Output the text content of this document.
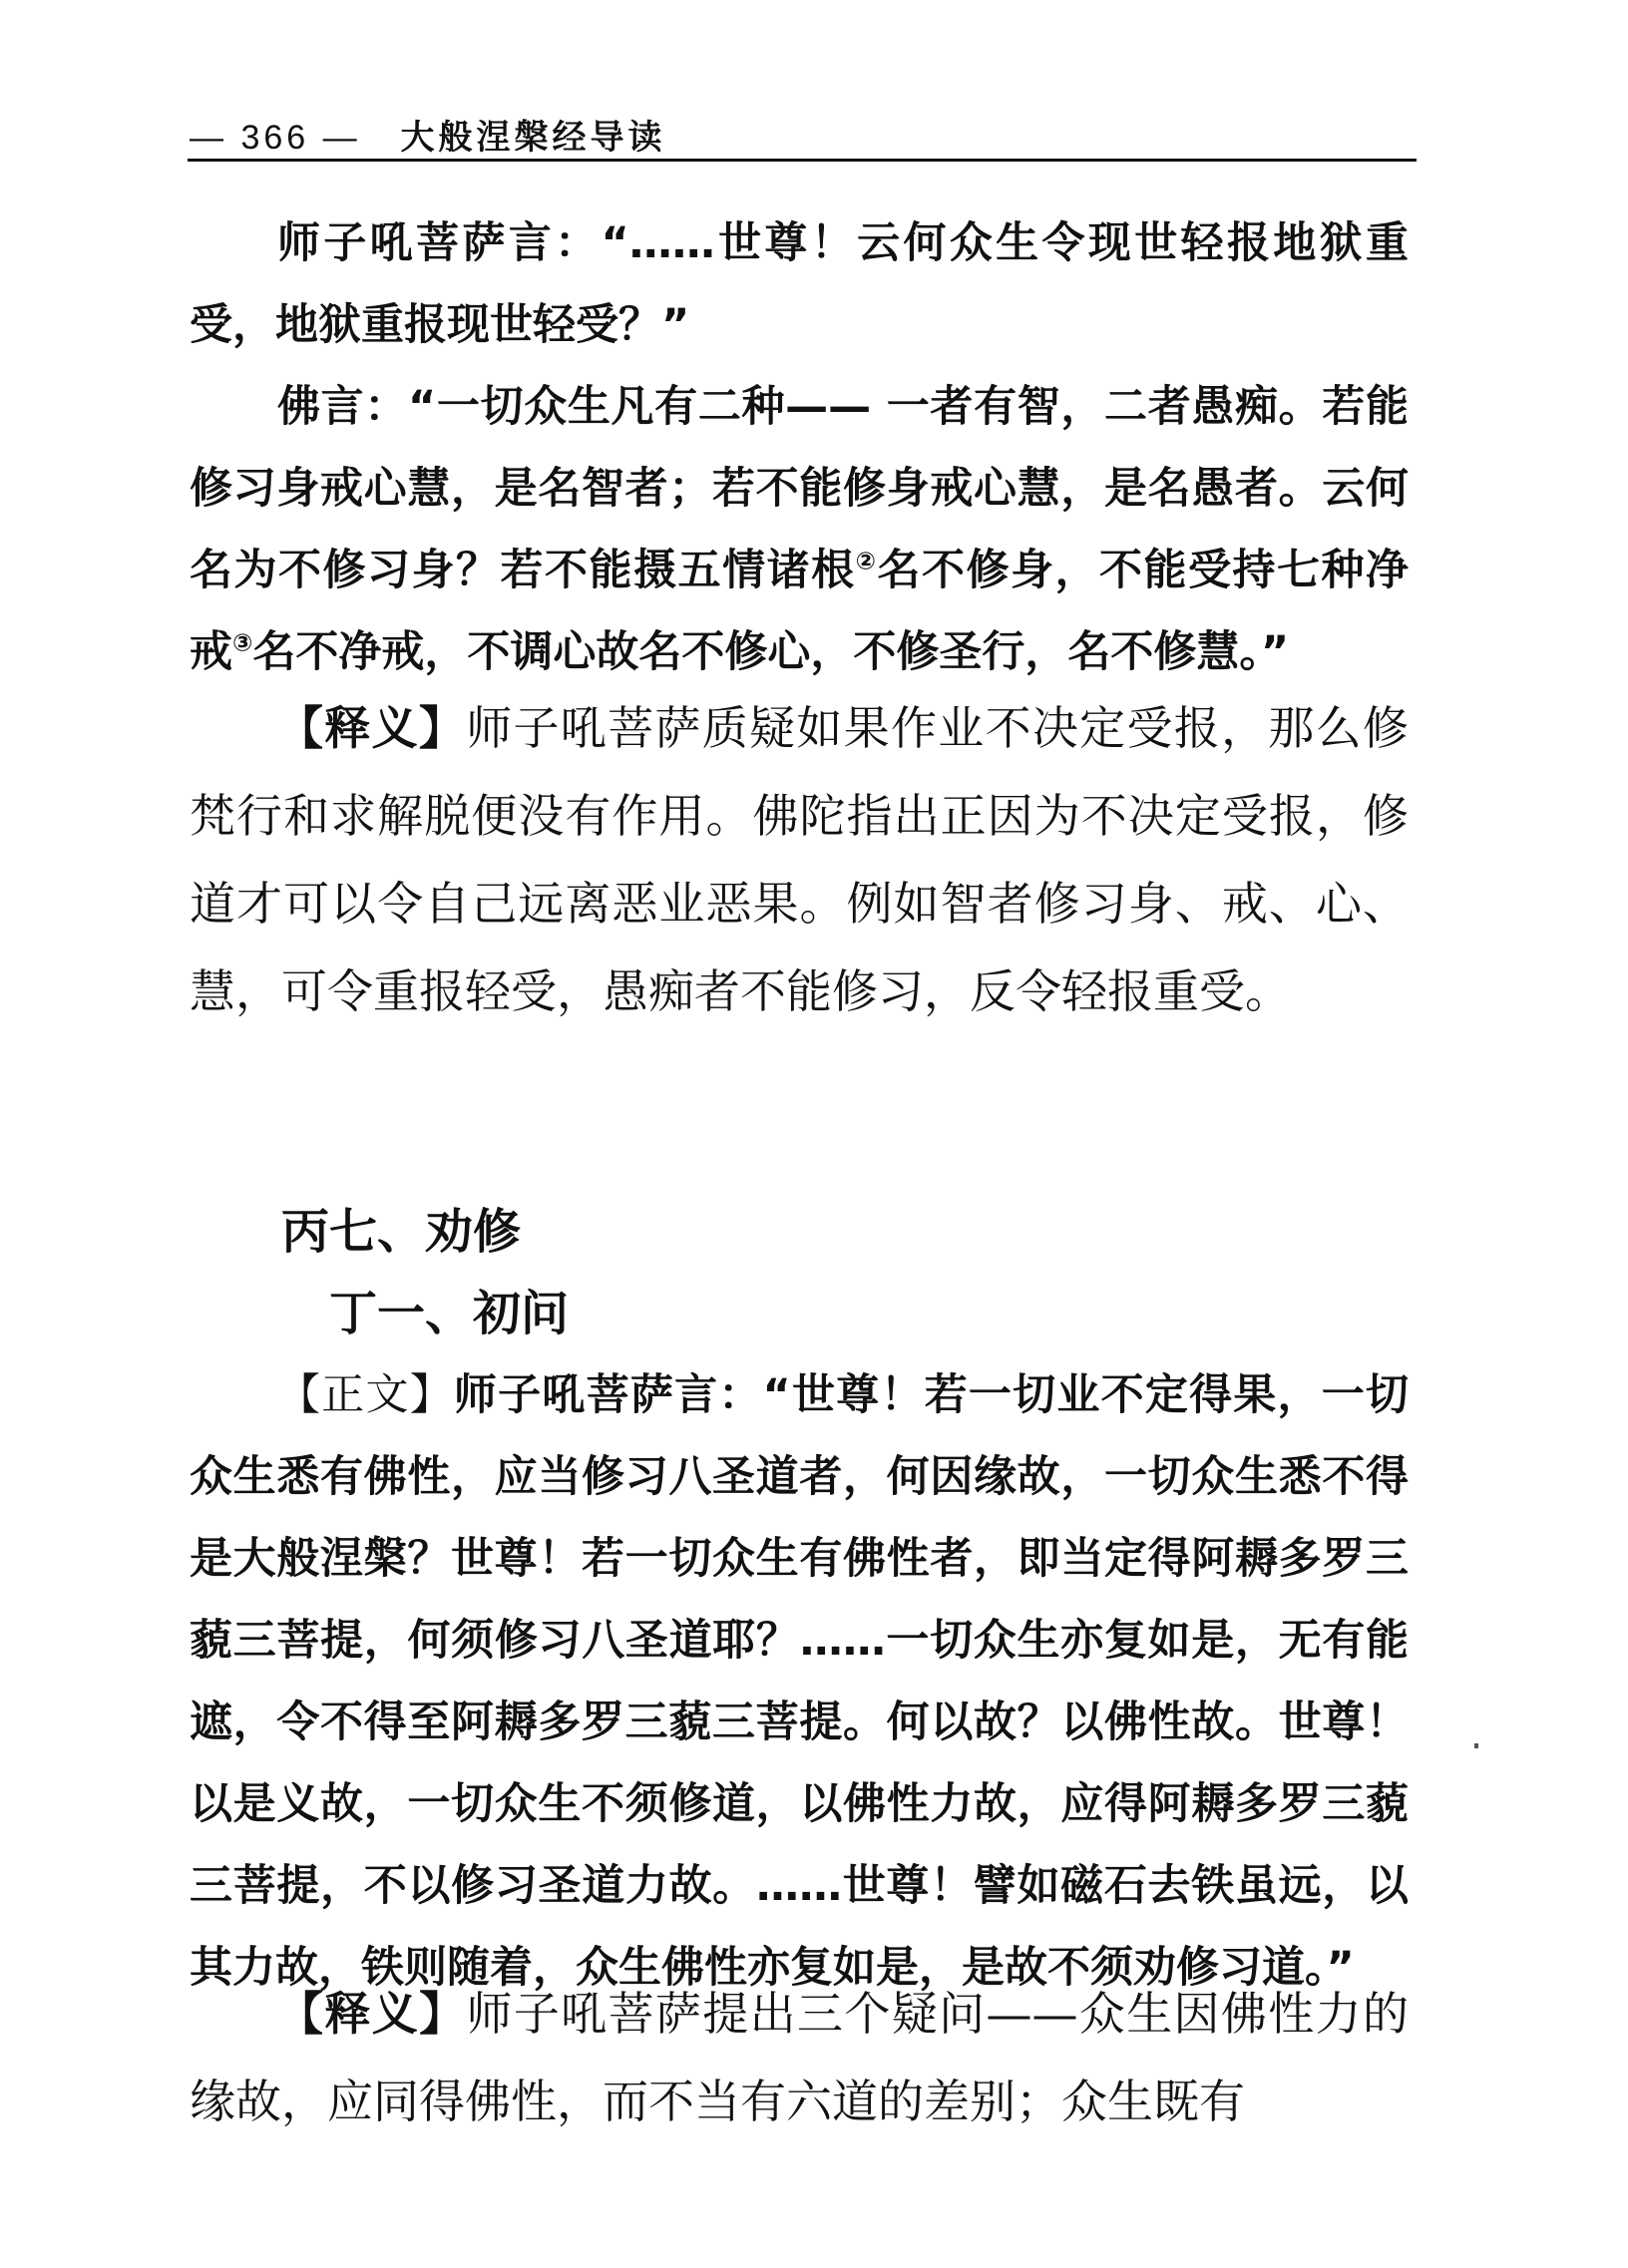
— 366 — 大般涅槃经导读

师子吼菩萨言：“……世尊！云何众生令现世轻报地狱重受，地狱重报现世轻受？”

佛言：“一切众生凡有二种—— 一者有智，二者愚痴。若能修习身戒心慧，是名智者；若不能修身戒心慧，是名愚者。云何名为不修习身？若不能摄五情诸根②名不修身，不能受持七种净戒③名不净戒，不调心故名不修心，不修圣行，名不修慧。”

【释义】师子吼菩萨质疑如果作业不决定受报，那么修梵行和求解脱便没有作用。佛陀指出正因为不决定受报，修道才可以令自己远离恶业恶果。例如智者修习身、戒、心、慧，可令重报轻受，愚痴者不能修习，反令轻报重受。

丙七、劝修
丁一、初问

【正文】师子吼菩萨言：“世尊！若一切业不定得果，一切众生悉有佛性，应当修习八圣道者，何因缘故，一切众生悉不得是大般涅槃？世尊！若一切众生有佛性者，即当定得阿耨多罗三藐三菩提，何须修习八圣道耶？……一切众生亦复如是，无有能遮，令不得至阿耨多罗三藐三菩提。何以故？以佛性故。世尊！以是义故，一切众生不须修道，以佛性力故，应得阿耨多罗三藐三菩提，不以修习圣道力故。……世尊！譬如磁石去铁虽远，以其力故，铁则随着，众生佛性亦复如是，是故不须劝修习道。”

【释义】师子吼菩萨提出三个疑问——众生因佛性力的缘故，应同得佛性，而不当有六道的差别；众生既有
